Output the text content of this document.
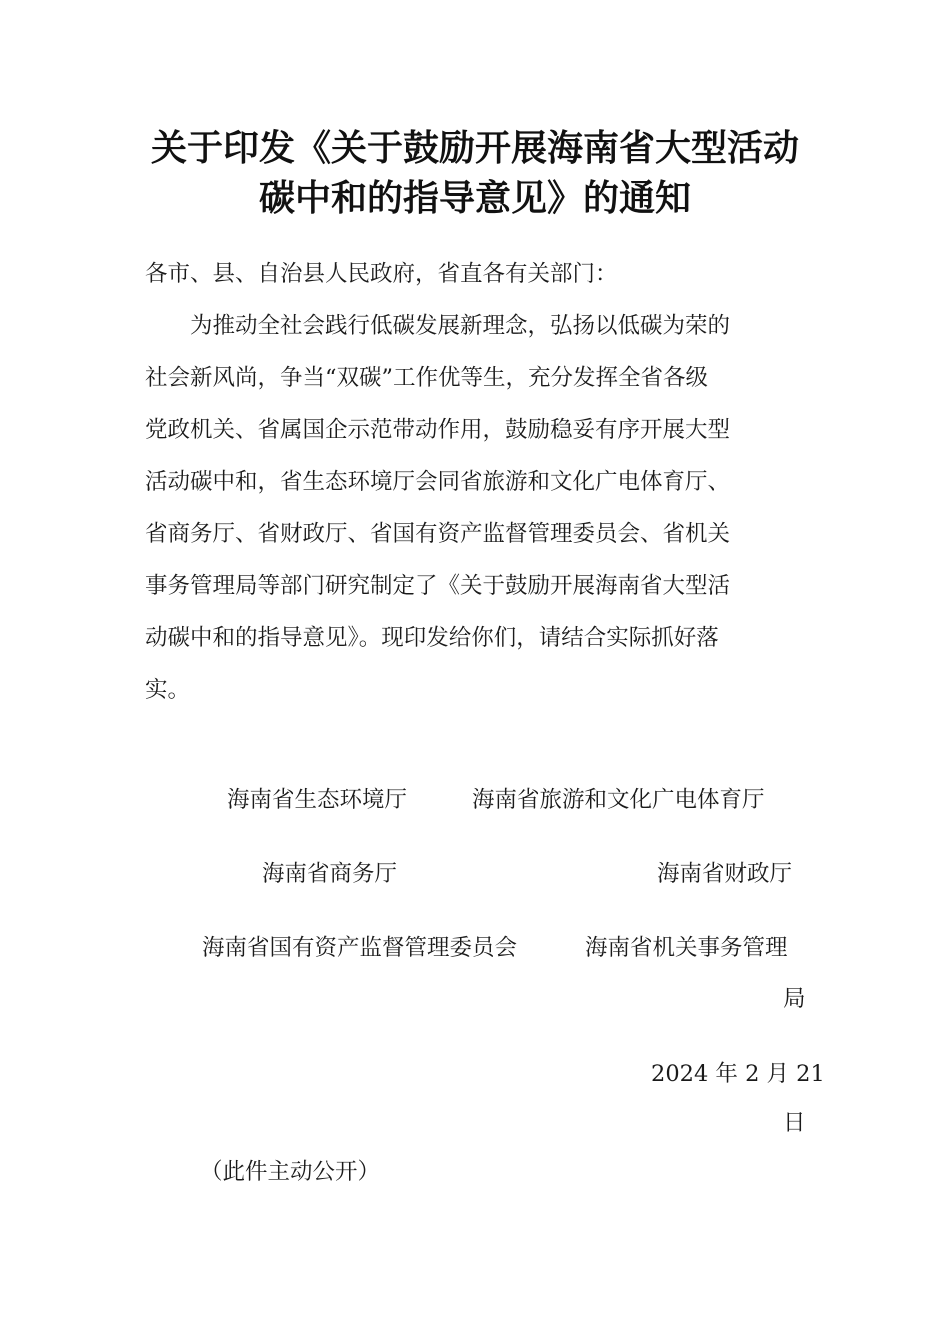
关于印发《关于鼓励开展海南省大型活动
碳中和的指导意见》的通知
各市、县、自治县人民政府，省直各有关部门：
为推动全社会践行低碳发展新理念，弘扬以低碳为荣的
社会新风尚，争当“双碳”工作优等生，充分发挥全省各级
党政机关、省属国企示范带动作用，鼓励稳妥有序开展大型
活动碳中和，省生态环境厅会同省旅游和文化广电体育厅、
省商务厅、省财政厅、省国有资产监督管理委员会、省机关
事务管理局等部门研究制定了《关于鼓励开展海南省大型活
动碳中和的指导意见》。现印发给你们，请结合实际抓好落
实。
海南省生态环境厅	海南省旅游和文化广电体育厅
海南省商务厅	海南省财政厅
海南省国有资产监督管理委员会	海南省机关事务管理
局
2024 年 2 月 21
日
（此件主动公开）
